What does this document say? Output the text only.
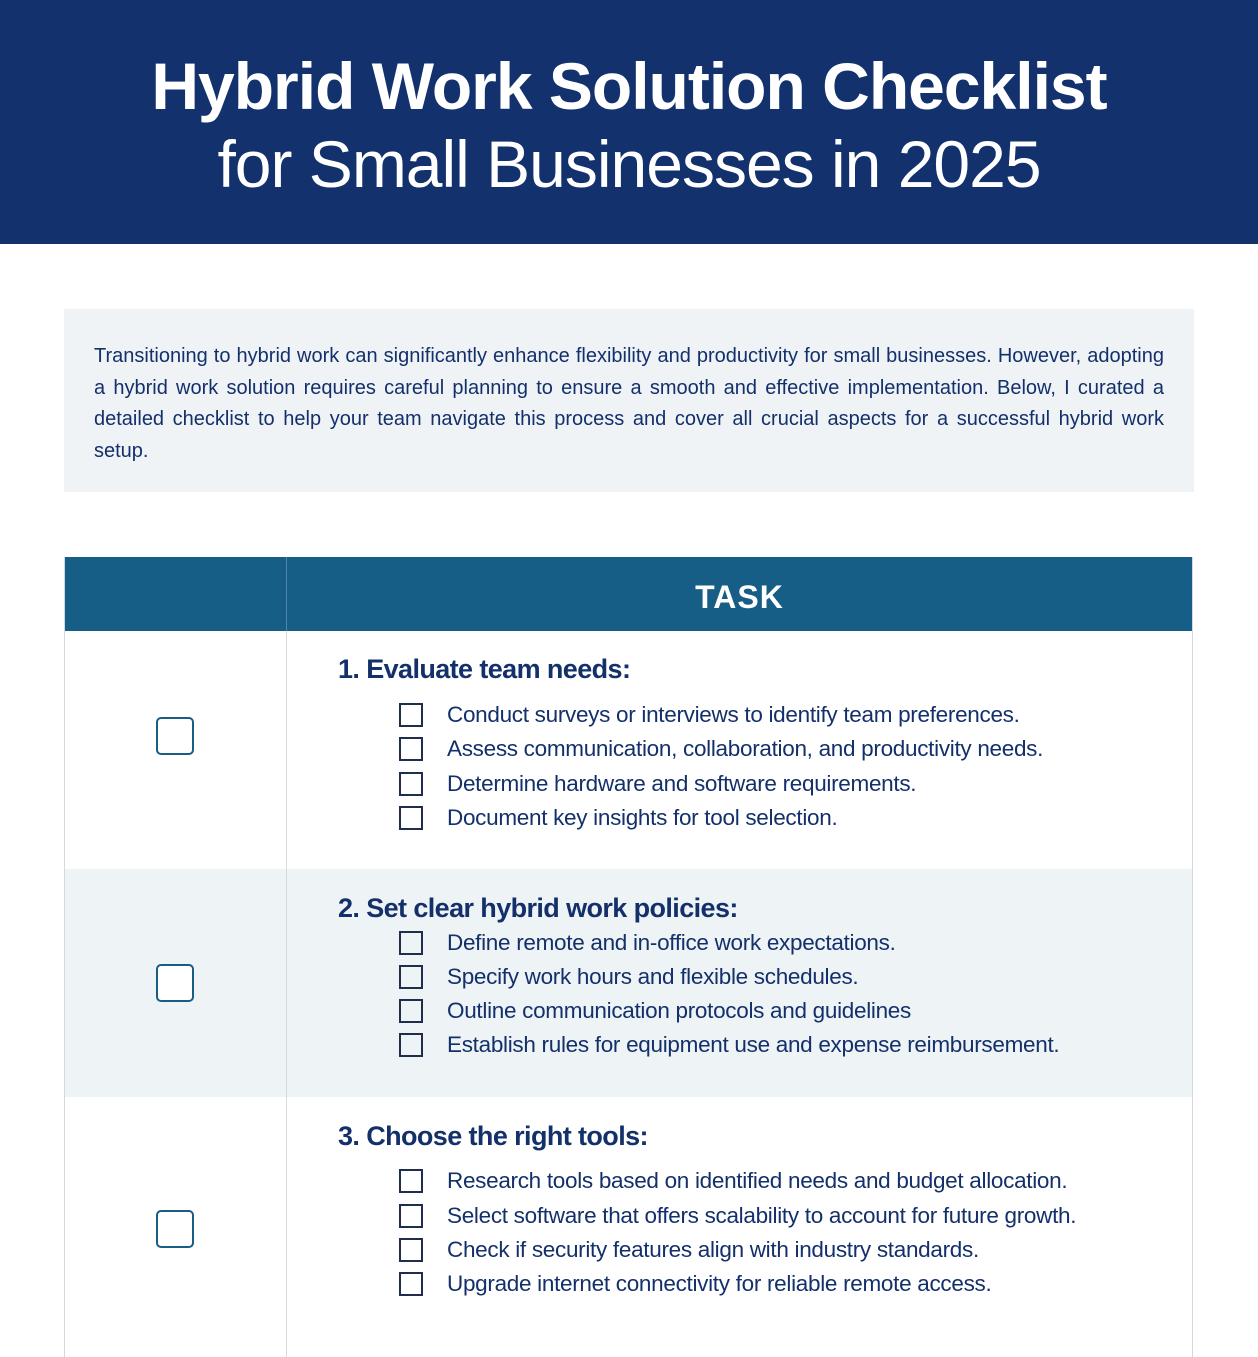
Hybrid Work Solution Checklist
for Small Businesses in 2025

Transitioning to hybrid work can significantly enhance flexibility and productivity for small businesses. However, adopting a hybrid work solution requires careful planning to ensure a smooth and effective implementation. Below, I curated a detailed checklist to help your team navigate this process and cover all crucial aspects for a successful hybrid work setup.

TASK
1. Evaluate team needs:
Conduct surveys or interviews to identify team preferences.
Assess communication, collaboration, and productivity needs.
Determine hardware and software requirements.
Document key insights for tool selection.
2. Set clear hybrid work policies:
Define remote and in-office work expectations.
Specify work hours and flexible schedules.
Outline communication protocols and guidelines
Establish rules for equipment use and expense reimbursement.
3. Choose the right tools:
Research tools based on identified needs and budget allocation.
Select software that offers scalability to account for future growth.
Check if security features align with industry standards.
Upgrade internet connectivity for reliable remote access.
